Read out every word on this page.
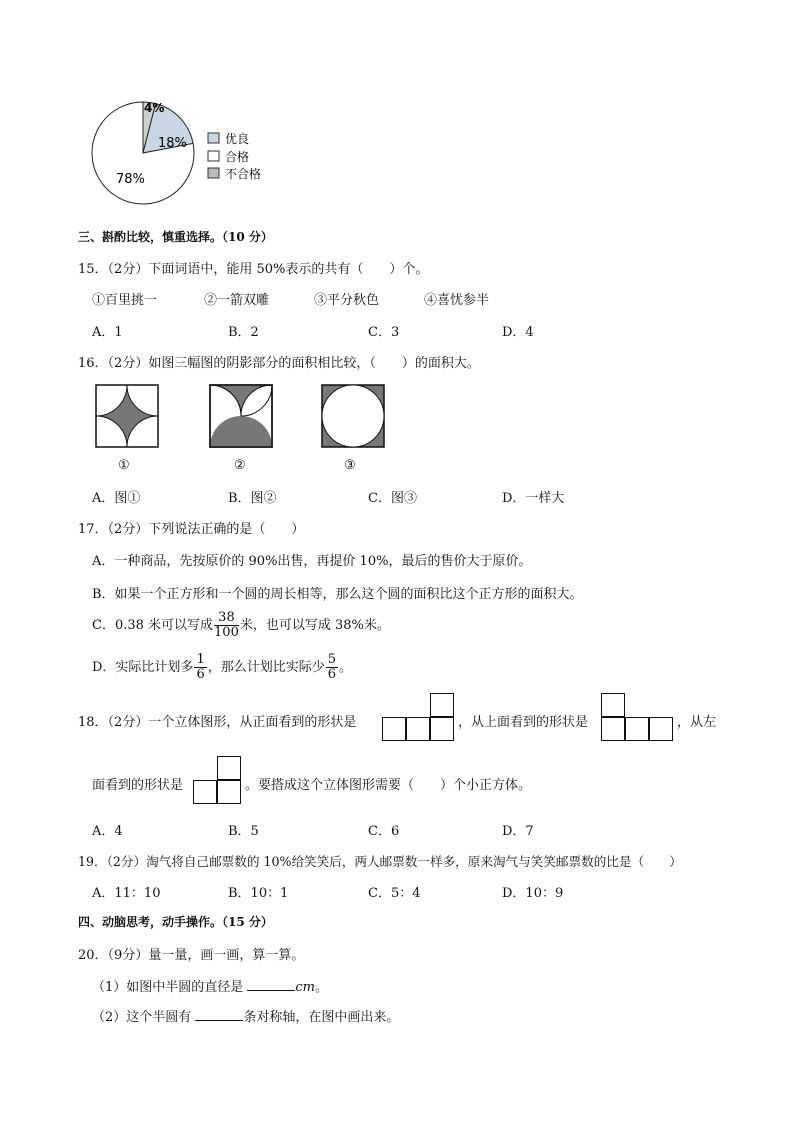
4%
18%
78%
优良
合格
不合格
三、斟酌比较，慎重选择。（10 分）
15．（2分）下面词语中，能用 50%表示的共有（　　）个。
①百里挑一	②一箭双雕	③平分秋色	④喜忧参半
A．1	B．2	C．3	D．4
16．（2分）如图三幅图的阴影部分的面积相比较，（　　）的面积大。
①	②	③
A．图①	B．图②	C．图③	D．一样大
17．（2分）下列说法正确的是（　　）
A．一种商品，先按原价的 90%出售，再提价 10%，最后的售价大于原价。
B．如果一个正方形和一个圆的周长相等，那么这个圆的面积比这个正方形的面积大。
C．0.38 米可以写成 $\frac{38}{100}$ 米，也可以写成 38%米。
D．实际比计划多 $\frac{1}{6}$ ，那么计划比实际少 $\frac{5}{6}$ 。
18．（2分）一个立体图形，从正面看到的形状是	，从上面看到的形状是	，从左
面看到的形状是	。要搭成这个立体图形需要（　　）个小正方体。
A．4	B．5	C．6	D．7
19．（2分）淘气将自己邮票数的 10%给笑笑后，两人邮票数一样多，原来淘气与笑笑邮票数的比是（　　）
A．11：10	B．10：1	C．5：4	D．10：9
四、动脑思考，动手操作。（15 分）
20．（9分）量一量，画一画，算一算。
（1）如图中半圆的直径是	cm。
（2）这个半圆有	条对称轴，在图中画出来。
